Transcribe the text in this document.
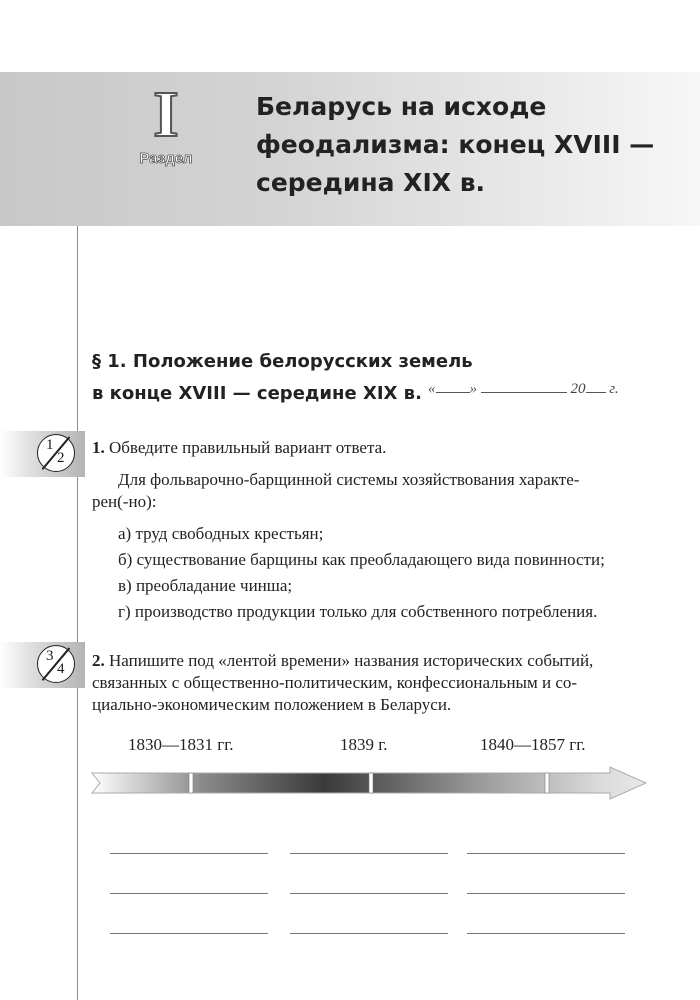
I
Раздел
Беларусь на исходе
феодализма: конец XVIII —
середина XIX в.
§ 1. Положение белорусских земель
в конце XVIII — середине XIX в. « »	20 г.
1
2

1. Обведите правильный вариант ответа.

Для фольварочно-барщинной системы хозяйствования характе-

рен(-но):

а) труд свободных крестьян;
б) существование барщины как преобладающего вида повинности;
в) преобладание чинша;
г) производство продукции только для собственного потребления.
3
4 2. Напишите под «лентой времени» названия исторических событий,

связанных с общественно-политическим, конфессиональным и со-

циально-экономическим положением в Беларуси.

1830—1831 гг.	1839 г.	1840—1857 гг.
